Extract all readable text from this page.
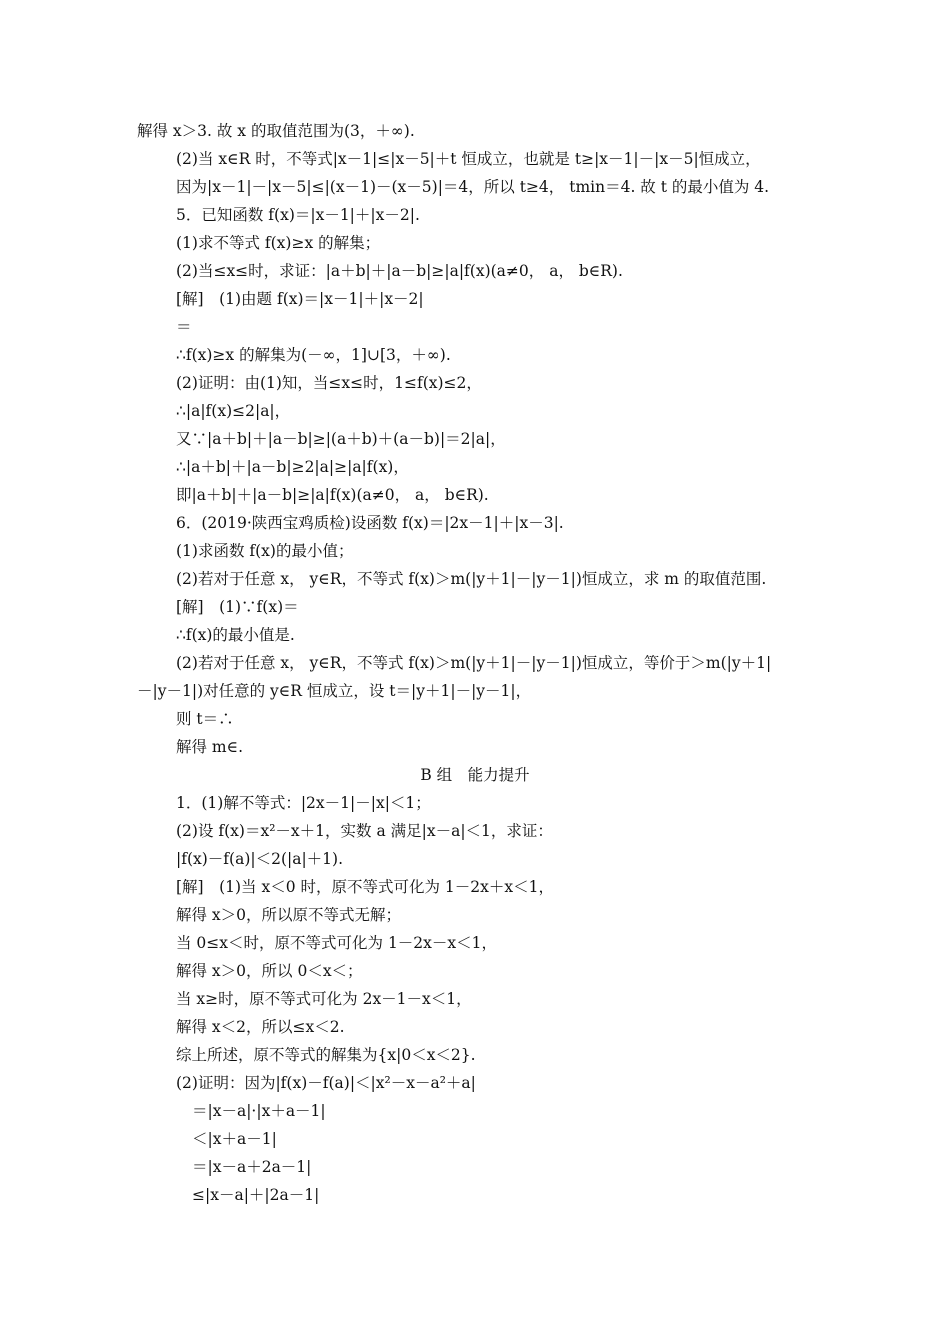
解得 x＞3. 故 x 的取值范围为(3，＋∞).
(2)当 x∈R 时，不等式|x－1|≤|x－5|＋t 恒成立，也就是 t≥|x－1|－|x－5|恒成立，
因为|x－1|－|x－5|≤|(x－1)－(x－5)|＝4，所以 t≥4， tmin＝4. 故 t 的最小值为 4.
5．已知函数 f(x)＝|x－1|＋|x－2|.
(1)求不等式 f(x)≥x 的解集；
(2)当≤x≤时，求证：|a＋b|＋|a－b|≥|a|f(x)(a≠0， a， b∈R).
[解]　(1)由题 f(x)＝|x－1|＋|x－2|
＝
∴f(x)≥x 的解集为(－∞，1]∪[3，＋∞).
(2)证明：由(1)知，当≤x≤时，1≤f(x)≤2，
∴|a|f(x)≤2|a|，
又∵|a＋b|＋|a－b|≥|(a＋b)＋(a－b)|＝2|a|，
∴|a＋b|＋|a－b|≥2|a|≥|a|f(x)，
即|a＋b|＋|a－b|≥|a|f(x)(a≠0， a， b∈R).
6．(2019·陕西宝鸡质检)设函数 f(x)＝|2x－1|＋|x－3|.
(1)求函数 f(x)的最小值；
(2)若对于任意 x， y∈R，不等式 f(x)＞m(|y＋1|－|y－1|)恒成立，求 m 的取值范围.
[解]　(1)∵f(x)＝
∴f(x)的最小值是.
(2)若对于任意 x， y∈R，不等式 f(x)＞m(|y＋1|－|y－1|)恒成立，等价于＞m(|y＋1|
－|y－1|)对任意的 y∈R 恒成立，设 t＝|y＋1|－|y－1|，
则 t＝∴
解得 m∈.
B 组　能力提升
1．(1)解不等式：|2x－1|－|x|＜1；
(2)设 f(x)＝x²－x＋1，实数 a 满足|x－a|＜1，求证：
|f(x)－f(a)|＜2(|a|＋1).
[解]　(1)当 x＜0 时，原不等式可化为 1－2x＋x＜1，
解得 x＞0，所以原不等式无解；
当 0≤x＜时，原不等式可化为 1－2x－x＜1，
解得 x＞0，所以 0＜x＜；
当 x≥时，原不等式可化为 2x－1－x＜1，
解得 x＜2，所以≤x＜2.
综上所述，原不等式的解集为{x|0＜x＜2}.
(2)证明：因为|f(x)－f(a)|＜|x²－x－a²＋a|
＝|x－a|·|x＋a－1|
＜|x＋a－1|
＝|x－a＋2a－1|
≤|x－a|＋|2a－1|
